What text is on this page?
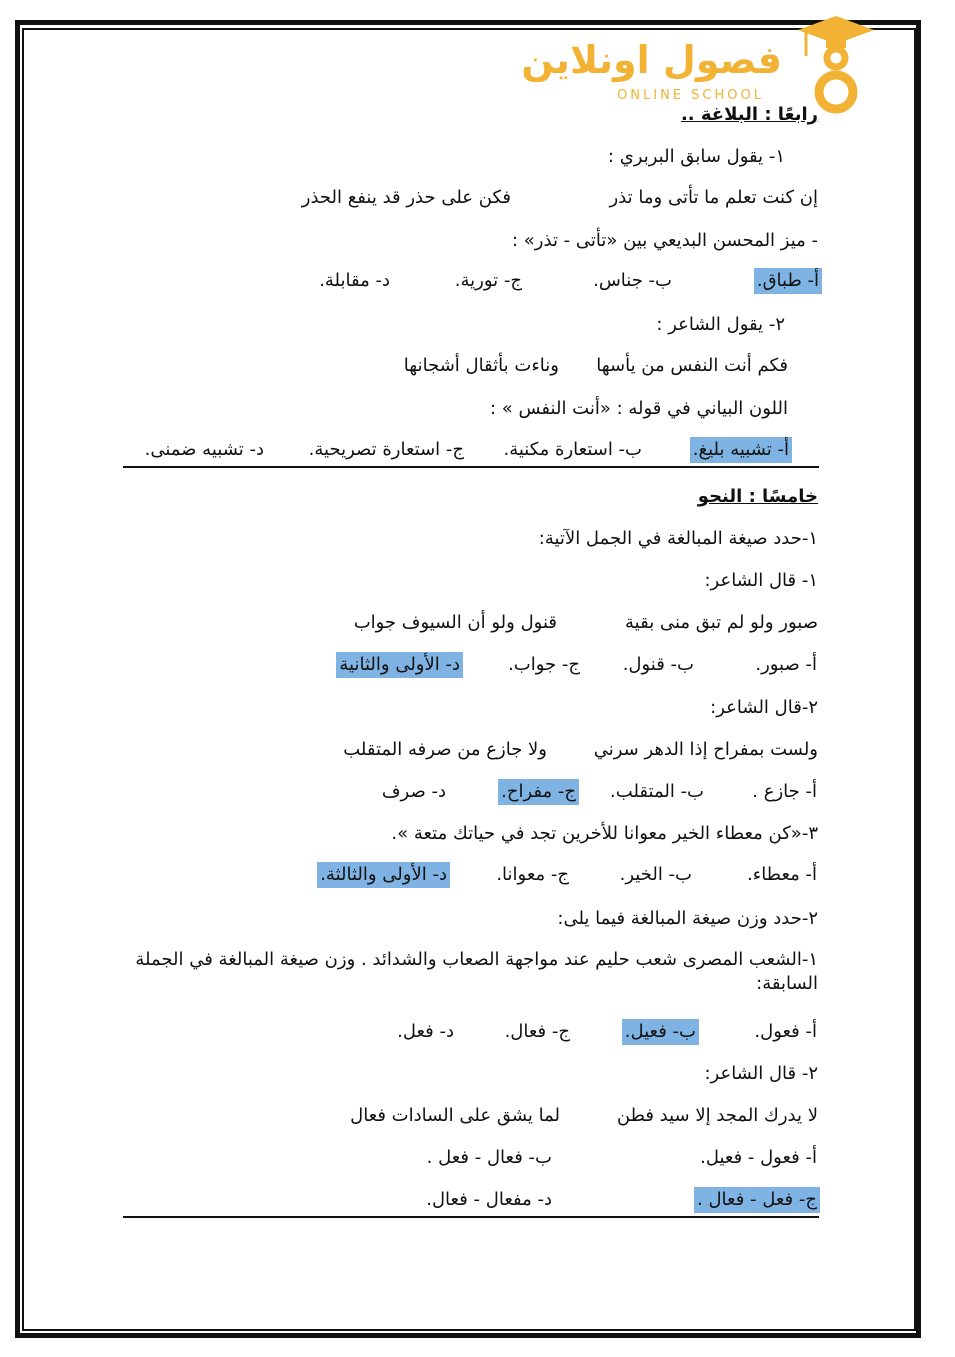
فصول اونلاين
ONLINE SCHOOL
رابعًا : البلاغة ..
١- يقول سابق البربري :
إن كنت تعلم ما تأتى وما تذر
فكن على حذر قد ينفع الحذر
- ميز المحسن البديعي بين «تأتى - تذر» :
أ- طباق.
ب- جناس.
ج- تورية.
د- مقابلة.
٢- يقول الشاعر :
فكم أنت النفس من يأسها
وناءت بأثقال أشجانها
اللون البياني في قوله : «أنت النفس » :
أ- تشبيه بليغ.
ب- استعارة مكنية.
ج- استعارة تصريحية.
د- تشبيه ضمنى.
خامسًا : النحو
١-حدد صيغة المبالغة في الجمل الآتية:
١- قال الشاعر:
صبور ولو لم تبق منى بقية
قنول ولو أن السيوف جواب
أ- صبور.
ب- قنول.
ج- جواب.
د- الأولى والثانية
٢-قال الشاعر:
ولست بمفراح إذا الدهر سرني
ولا جازع من صرفه المتقلب
أ- جازع .
ب- المتقلب.
ج- مفراح.
د- صرف
٣-«كن معطاء الخير معوانا للأخرين تجد في حياتك متعة ».
أ- معطاء.
ب- الخير.
ج- معوانا.
د- الأولى والثالثة.
٢-حدد وزن صيغة المبالغة فيما يلى:
١-الشعب المصرى شعب حليم عند مواجهة الصعاب والشدائد . وزن صيغة المبالغة في الجملة السابقة:
أ- فعول.
ب- فعيل.
ج- فعال.
د- فعل.
٢- قال الشاعر:
لا يدرك المجد إلا سيد فطن
لما يشق على السادات فعال
أ- فعول - فعيل.
ب- فعال - فعل .
ج- فعل - فعال .
د- مفعال - فعال.
